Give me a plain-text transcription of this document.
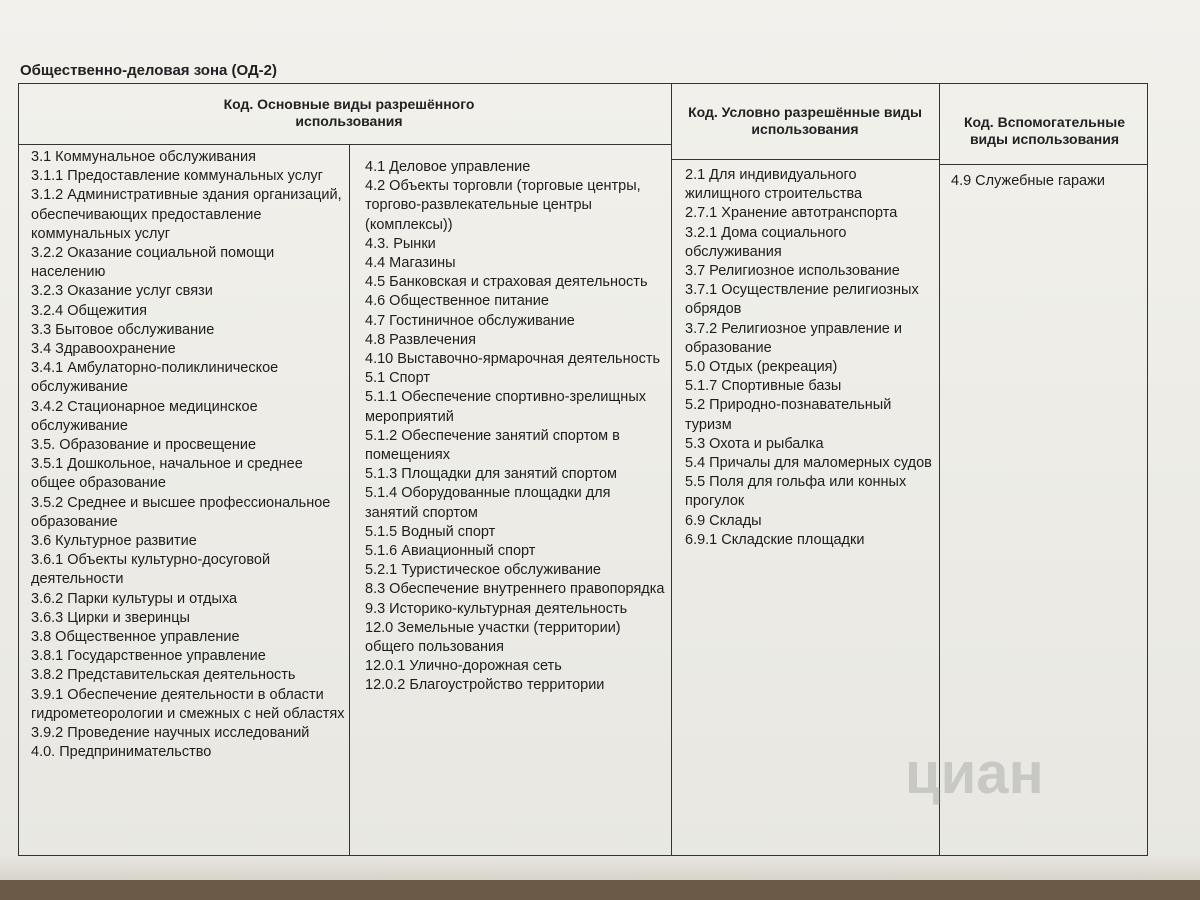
Общественно-деловая зона (ОД-2)
Код. Основные виды разрешённого использования
Код. Условно разрешённые виды использования	Код. Вспомогательные виды использования
3.1 Коммунальное обслуживания
3.1.1 Предоставление коммунальных услуг
3.1.2 Административные здания организаций, обеспечивающих предоставление коммунальных услуг
3.2.2 Оказание социальной помощи населению
3.2.3 Оказание услуг связи
3.2.4 Общежития
3.3 Бытовое обслуживание
3.4 Здравоохранение
3.4.1 Амбулаторно-поликлиническое обслуживание
3.4.2 Стационарное медицинское обслуживание
3.5. Образование и просвещение
3.5.1 Дошкольное, начальное и среднее общее образование
3.5.2 Среднее и высшее профессиональное образование
3.6 Культурное развитие
3.6.1 Объекты культурно-досуговой деятельности
3.6.2 Парки культуры и отдыха
3.6.3 Цирки и зверинцы
3.8 Общественное управление
3.8.1 Государственное управление
3.8.2 Представительская деятельность
3.9.1 Обеспечение деятельности в области гидрометеорологии и смежных с ней областях
3.9.2 Проведение научных исследований
4.0. Предпринимательство
4.1 Деловое управление
4.2 Объекты торговли (торговые центры, торгово-развлекательные центры (комплексы))
4.3. Рынки
4.4 Магазины
4.5 Банковская и страховая деятельность
4.6 Общественное питание
4.7 Гостиничное обслуживание
4.8 Развлечения
4.10 Выставочно-ярмарочная деятельность
5.1 Спорт
5.1.1 Обеспечение спортивно-зрелищных мероприятий
5.1.2 Обеспечение занятий спортом в помещениях
5.1.3 Площадки для занятий спортом
5.1.4 Оборудованные площадки для занятий спортом
5.1.5 Водный спорт
5.1.6 Авиационный спорт
5.2.1 Туристическое обслуживание
8.3 Обеспечение внутреннего правопорядка
9.3 Историко-культурная деятельность
12.0 Земельные участки (территории) общего пользования
12.0.1 Улично-дорожная сеть
12.0.2 Благоустройство территории
2.1 Для индивидуального жилищного строительства
2.7.1 Хранение автотранспорта
3.2.1 Дома социального обслуживания
3.7 Религиозное использование
3.7.1 Осуществление религиозных обрядов
3.7.2 Религиозное управление и образование
5.0 Отдых (рекреация)
5.1.7 Спортивные базы
5.2 Природно-познавательный туризм
5.3 Охота и рыбалка
5.4 Причалы для маломерных судов
5.5 Поля для гольфа или конных прогулок
6.9 Склады
6.9.1 Складские площадки
4.9 Служебные гаражи
циан
